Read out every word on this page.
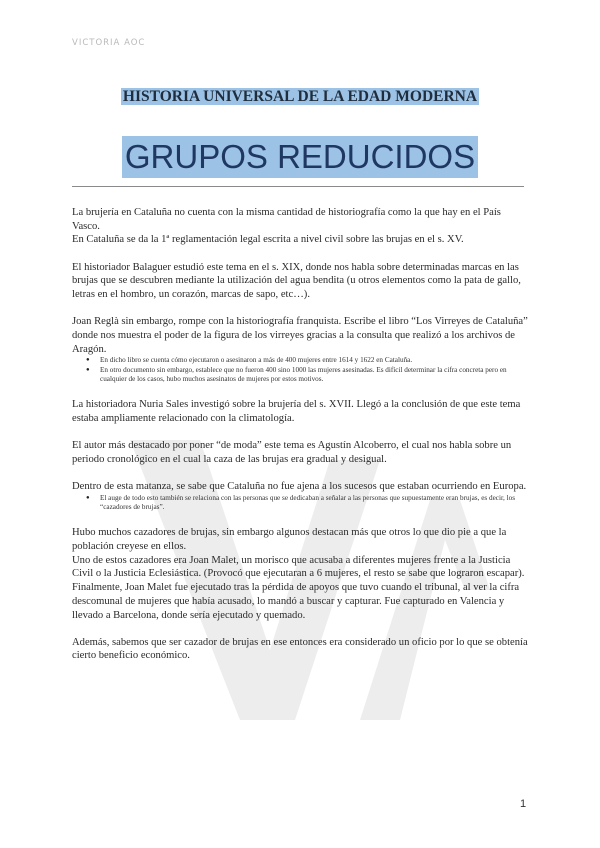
VICTORIA AOC
HISTORIA UNIVERSAL DE LA EDAD MODERNA
GRUPOS REDUCIDOS

La brujería en Cataluña no cuenta con la misma cantidad de historiografía como la que hay en el País Vasco.

En Cataluña se da la 1ª reglamentación legal escrita a nivel civil sobre las brujas en el s. XV.

El historiador Balaguer estudió este tema en el s. XIX, donde nos habla sobre determinadas marcas en las brujas que se descubren mediante la utilización del agua bendita (u otros elementos como la pata de gallo, letras en el hombro, un corazón, marcas de sapo, etc…).

Joan Reglà sin embargo, rompe con la historiografía franquista. Escribe el libro “Los Virreyes de Cataluña” donde nos muestra el poder de la figura de los virreyes gracias a la consulta que realizó a los archivos de Aragón.

● En dicho libro se cuenta cómo ejecutaron o asesinaron a más de 400 mujeres entre 1614 y 1622 en Cataluña.
● En otro documento sin embargo, establece que no fueron 400 sino 1000 las mujeres asesinadas. Es difícil determinar la cifra concreta pero en cualquier de los casos, hubo muchos asesinatos de mujeres por estos motivos.

La historiadora Nuria Sales investigó sobre la brujería del s. XVII. Llegó a la conclusión de que este tema estaba ampliamente relacionado con la climatología.

El autor más destacado por poner “de moda” este tema es Agustín Alcoberro, el cual nos habla sobre un periodo cronológico en el cual la caza de las brujas era gradual y desigual.

Dentro de esta matanza, se sabe que Cataluña no fue ajena a los sucesos que estaban ocurriendo en Europa.

● El auge de todo esto también se relaciona con las personas que se dedicaban a señalar a las personas que supuestamente eran brujas, es decir, los “cazadores de brujas”.

Hubo muchos cazadores de brujas, sin embargo algunos destacan más que otros lo que dio pie a que la población creyese en ellos.

Uno de estos cazadores era Joan Malet, un morisco que acusaba a diferentes mujeres frente a la Justicia Civil o la Justicia Eclesiástica. (Provocó que ejecutaran a 6 mujeres, el resto se sabe que lograron escapar).

Finalmente, Joan Malet fue ejecutado tras la pérdida de apoyos que tuvo cuando el tribunal, al ver la cifra descomunal de mujeres que había acusado, lo mandó a buscar y capturar. Fue capturado en Valencia y llevado a Barcelona, donde sería ejecutado y quemado.

Además, sabemos que ser cazador de brujas en ese entonces era considerado un oficio por lo que se obtenía cierto beneficio económico.

1
